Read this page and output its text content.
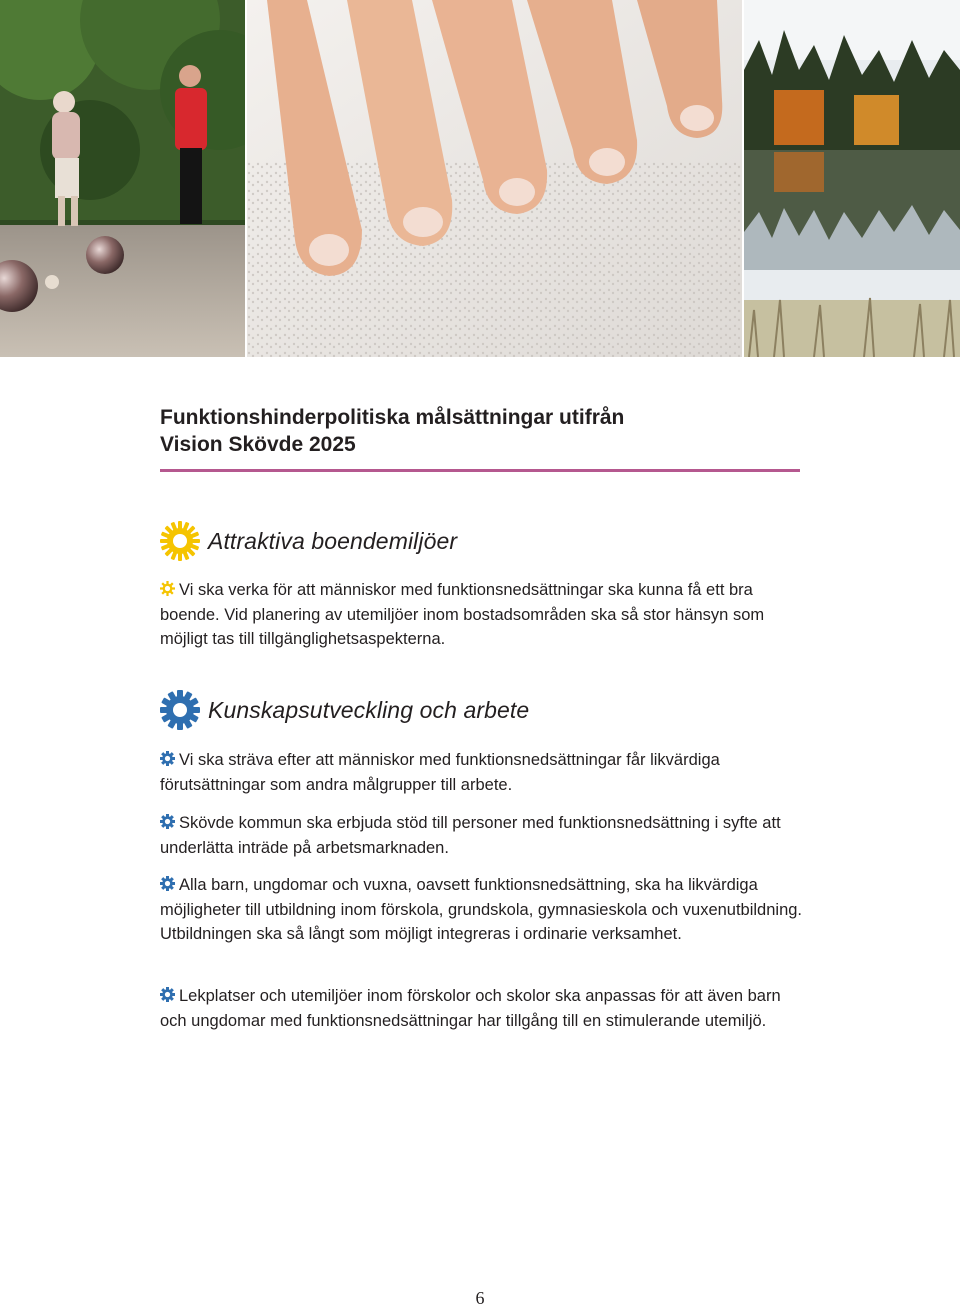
Funktionshinderpolitiska målsättningar utifrån
Vision Skövde 2025
Attraktiva boendemiljöer

Vi ska verka för att människor med funktionsnedsättningar ska kunna få ett bra boende. Vid planering av utemiljöer inom bostadsområden ska så stor hänsyn som möjligt tas till tillgänglighetsaspekterna.

Kunskapsutveckling och arbete

Vi ska sträva efter att människor med funktionsnedsättningar får likvärdiga förutsättningar som andra målgrupper till arbete.

Skövde kommun ska erbjuda stöd till personer med funktionsnedsättning i syfte att underlätta inträde på arbetsmarknaden.

Alla barn, ungdomar och vuxna, oavsett funktionsnedsättning, ska ha likvärdiga möjligheter till utbildning inom förskola, grundskola, gymnasieskola och vuxenutbildning. Utbildningen ska så långt som möjligt integreras i ordinarie verksamhet.

Lekplatser och utemiljöer inom förskolor och skolor ska anpassas för att även barn och ungdomar med funktionsnedsättningar har tillgång till en stimulerande utemiljö.

6
